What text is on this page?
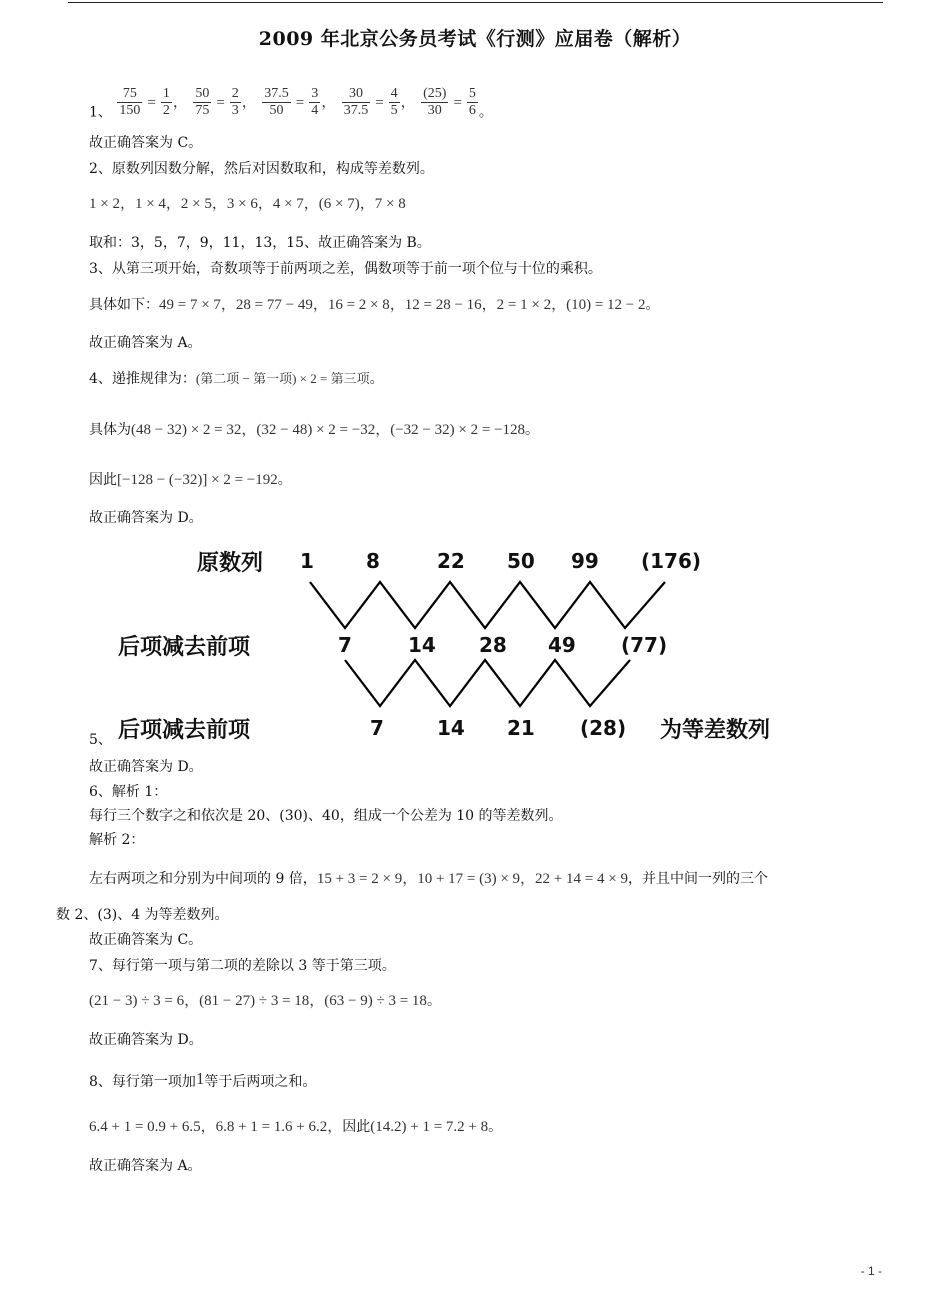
2009 年北京公务员考试《行测》应届卷（解析）
1、 $\frac{75}{150} = \frac{1}{2}$ ， $\frac{50}{75} = \frac{2}{3}$ ， $\frac{37.5}{50} = \frac{3}{4}$ ， $\frac{30}{37.5} = \frac{4}{5}$ ， $\frac{(25)}{30} = \frac{5}{6}$ 。
故正确答案为 C。
2、原数列因数分解，然后对因数取和，构成等差数列。
1 × 2，1 × 4，2 × 5，3 × 6，4 × 7，(6 × 7)，7 × 8
取和：3，5，7，9，11，13，15、故正确答案为 B。
3、从第三项开始，奇数项等于前两项之差，偶数项等于前一项个位与十位的乘积。
具体如下：49 = 7 × 7，28 = 77 − 49，16 = 2 × 8，12 = 28 − 16，2 = 1 × 2，(10) = 12 − 2。
故正确答案为 A。
4、递推规律为：(第二项 − 第一项) × 2 = 第三项。
具体为(48 − 32) × 2 = 32，(32 − 48) × 2 = −32，(−32 − 32) × 2 = −128。
因此[−128 − (−32)] × 2 = −192。
故正确答案为 D。
原数列 1	8	22 50 99 (176)
后项减去前项	7	14 28 49 (77)
后项减去前项	7	14 21 (28) 为等差数列
5、
故正确答案为 D。
6、解析 1：
每行三个数字之和依次是 20、(30)、40，组成一个公差为 10 的等差数列。
解析 2：
左右两项之和分别为中间项的 9 倍，15 + 3 = 2 × 9，10 + 17 = (3) × 9，22 + 14 = 4 × 9，并且中间一列的三个
数 2、(3)、4 为等差数列。
故正确答案为 C。
7、每行第一项与第二项的差除以 3 等于第三项。
(21 − 3) ÷ 3 = 6，(81 − 27) ÷ 3 = 18，(63 − 9) ÷ 3 = 18。
故正确答案为 D。
8、每行第一项加1等于后两项之和。
6.4 + 1 = 0.9 + 6.5，6.8 + 1 = 1.6 + 6.2，因此(14.2) + 1 = 7.2 + 8。
故正确答案为 A。
- 1 -
